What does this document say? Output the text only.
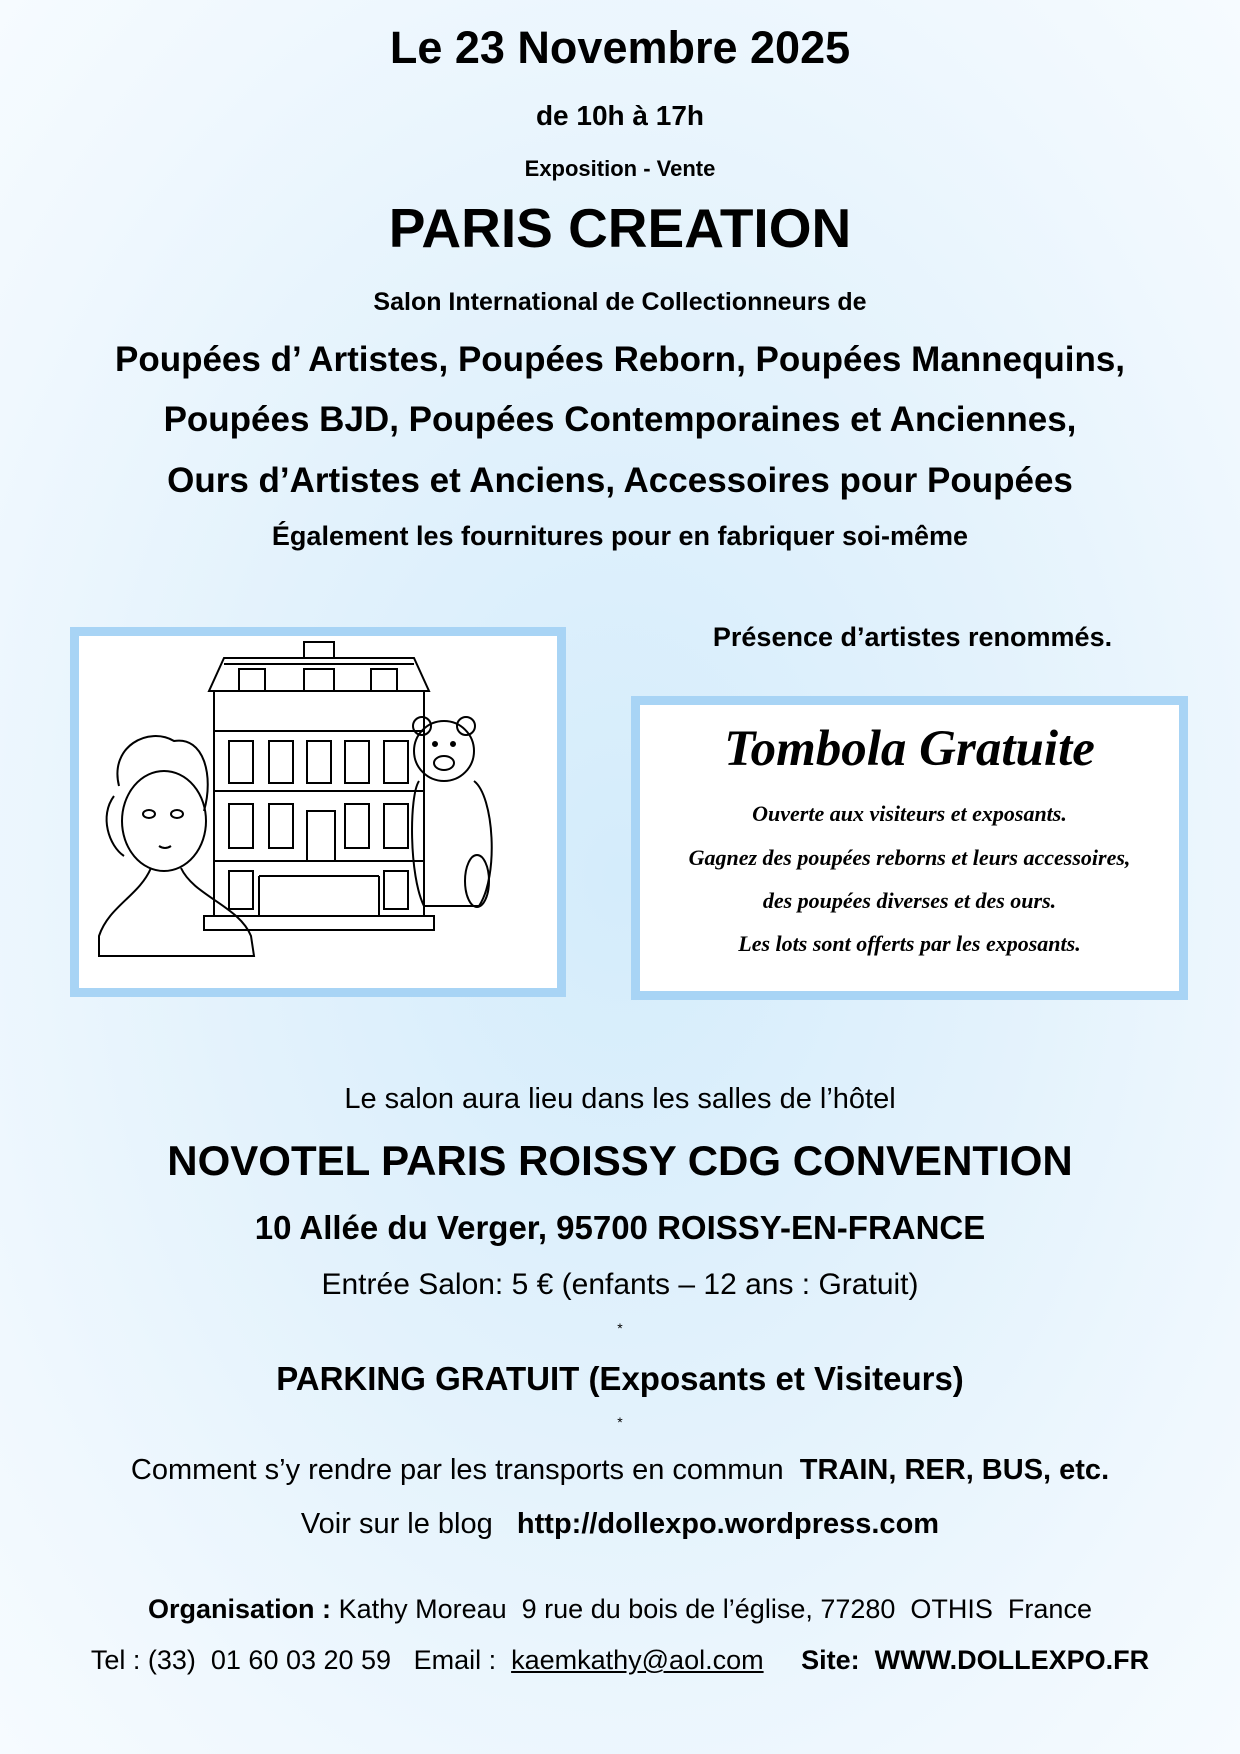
Le 23 Novembre 2025
de 10h à 17h
Exposition - Vente
PARIS CREATION
Salon International de Collectionneurs de
Poupées d’ Artistes, Poupées Reborn, Poupées Mannequins,
Poupées BJD, Poupées Contemporaines et Anciennes,
Ours d’Artistes et Anciens, Accessoires pour Poupées
Également les fournitures pour en fabriquer soi-même
Présence d’artistes renommés.
Tombola Gratuite
Ouverte aux visiteurs et exposants.
Gagnez des poupées reborns et leurs accessoires,
des poupées diverses et des ours.
Les lots sont offerts par les exposants.
Le salon aura lieu dans les salles de l’hôtel
NOVOTEL PARIS ROISSY CDG CONVENTION
10 Allée du Verger, 95700 ROISSY-EN-FRANCE
Entrée Salon: 5 € (enfants – 12 ans : Gratuit)
*
PARKING GRATUIT (Exposants et Visiteurs)
*
Comment s’y rendre par les transports en commun  TRAIN, RER, BUS, etc.
Voir sur le blog   http://dollexpo.wordpress.com
Organisation : Kathy Moreau  9 rue du bois de l’église, 77280  OTHIS  France
Tel : (33)  01 60 03 20 59   Email :  kaemkathy@aol.com     Site:  WWW.DOLLEXPO.FR
